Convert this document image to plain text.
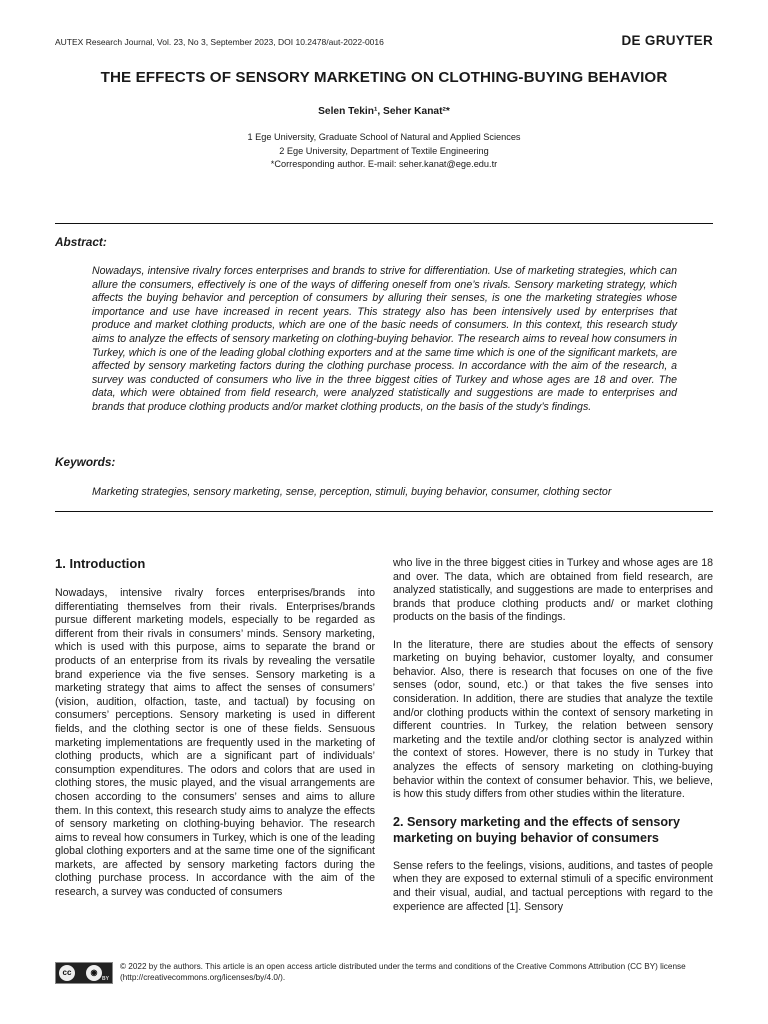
AUTEX Research Journal, Vol. 23, No 3, September 2023, DOI 10.2478/aut-2022-0016	DE GRUYTER
THE EFFECTS OF SENSORY MARKETING ON CLOTHING-BUYING BEHAVIOR
Selen Tekin¹, Seher Kanat²*
1 Ege University, Graduate School of Natural and Applied Sciences
2 Ege University, Department of Textile Engineering
*Corresponding author. E-mail: seher.kanat@ege.edu.tr
Abstract:
Nowadays, intensive rivalry forces enterprises and brands to strive for differentiation. Use of marketing strategies, which can allure the consumers, effectively is one of the ways of differing oneself from one’s rivals. Sensory marketing strategy, which affects the buying behavior and perception of consumers by alluring their senses, is one the marketing strategies whose importance and use have increased in recent years. This strategy also has been intensively used by enterprises that produce and market clothing products, which are one of the basic needs of consumers. In this context, this research study aims to analyze the effects of sensory marketing on clothing-buying behavior. The research aims to reveal how consumers in Turkey, which is one of the leading global clothing exporters and at the same time which is one of the significant markets, are affected by sensory marketing factors during the clothing purchase process. In accordance with the aim of the research, a survey was conducted of consumers who live in the three biggest cities of Turkey and whose ages are 18 and over. The data, which were obtained from field research, were analyzed statistically and suggestions are made to enterprises and brands that produce clothing products and/or market clothing products, on the basis of the study’s findings.
Keywords:
Marketing strategies, sensory marketing, sense, perception, stimuli, buying behavior, consumer, clothing sector
1. Introduction

Nowadays, intensive rivalry forces enterprises/brands into differentiating themselves from their rivals. Enterprises/brands pursue different marketing models, especially to be regarded as different from their rivals in consumers’ minds. Sensory marketing, which is used with this purpose, aims to separate the brand or products of an enterprise from its rivals by revealing the versatile brand experience via the five senses. Sensory marketing is a marketing strategy that aims to affect the senses of consumers’ (vision, audition, olfaction, taste, and tactual) by focusing on consumers’ perceptions. Sensory marketing is used in different fields, and the clothing sector is one of these fields. Sensuous marketing implementations are frequently used in the marketing of clothing products, which are a significant part of individuals’ consumption expenditures. The odors and colors that are used in clothing stores, the music played, and the visual arrangements are chosen according to the consumers’ senses and aims to allure them. In this context, this research study aims to analyze the effects of sensory marketing on clothing-buying behavior. The research aims to reveal how consumers in Turkey, which is one of the leading global clothing exporters and at the same time one of the significant markets, are affected by sensory marketing factors during the clothing purchase process. In accordance with the aim of the research, a survey was conducted of consumers

who live in the three biggest cities in Turkey and whose ages are 18 and over. The data, which are obtained from field research, are analyzed statistically, and suggestions are made to enterprises and brands that produce clothing products and/ or market clothing products on the basis of the findings.

In the literature, there are studies about the effects of sensory marketing on buying behavior, customer loyalty, and consumer behavior. Also, there is research that focuses on one of the five senses (odor, sound, etc.) or that takes the five senses into consideration. In addition, there are studies that analyze the textile and/or clothing products within the context of sensory marketing in different countries. In Turkey, the relation between sensory marketing and the textile and/or clothing sector is analyzed within the context of stores. However, there is no study in Turkey that analyzes the effects of sensory marketing on clothing-buying behavior within the context of consumer behavior. This, we believe, is how this study differs from other studies within the literature.

2. Sensory marketing and the effects of sensory marketing on buying behavior of consumers

Sense refers to the feelings, visions, auditions, and tastes of people when they are exposed to external stimuli of a specific environment and their visual, audial, and tactual perceptions with regard to the experience are affected [1]. Sensory

cc	◉
BY
© 2022 by the authors. This article is an open access article distributed under the terms and conditions of the Creative Commons Attribution (CC BY) license (http://creativecommons.org/licenses/by/4.0/).
